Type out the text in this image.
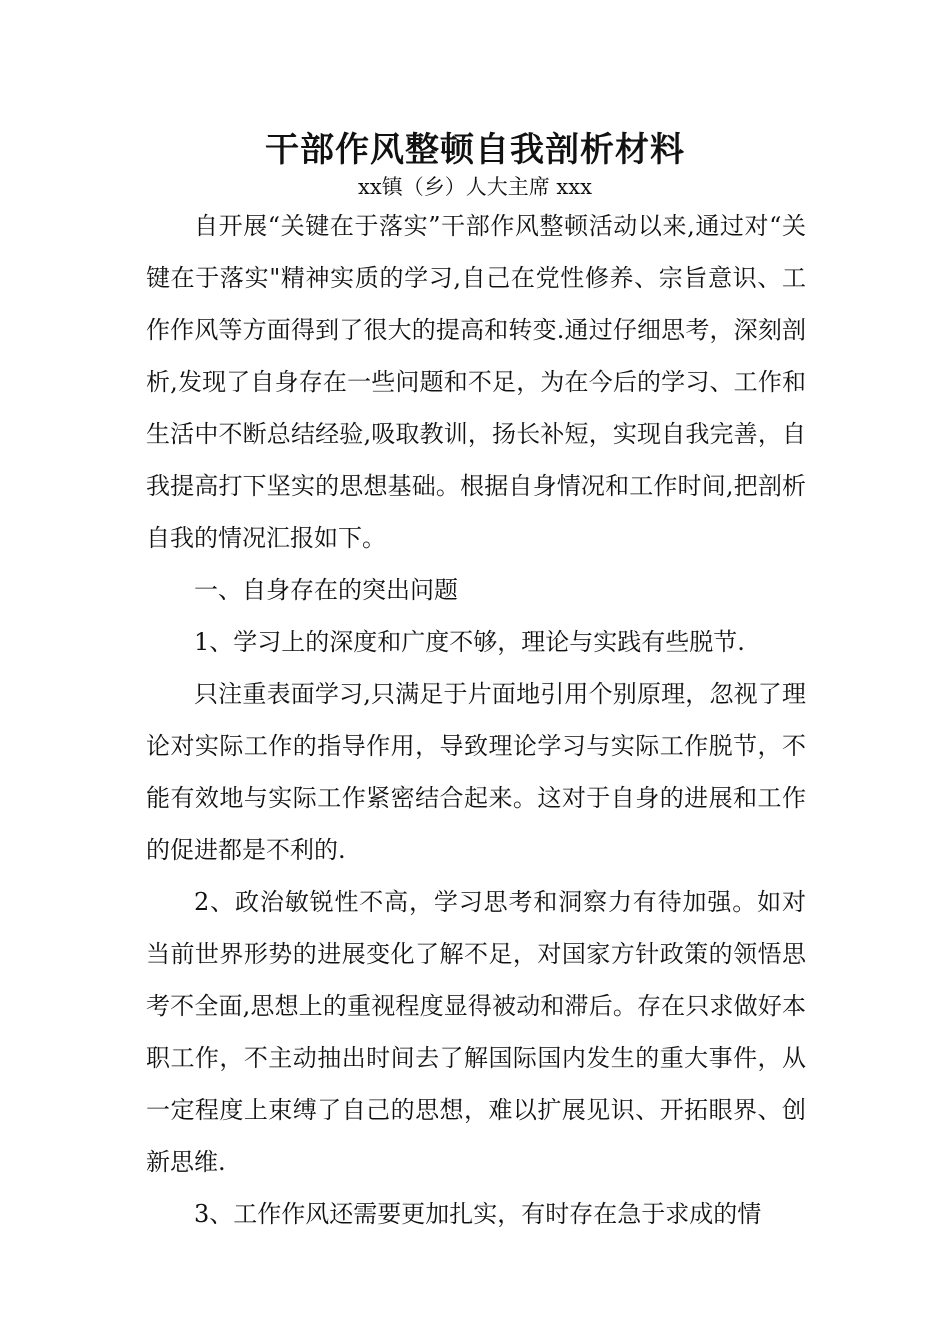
干部作风整顿自我剖析材料
xx镇（乡）人大主席 xxx

自开展“关键在于落实”干部作风整顿活动以来,通过对“关键在于落实"精神实质的学习,自己在党性修养、宗旨意识、工作作风等方面得到了很大的提高和转变.通过仔细思考，深刻剖析,发现了自身存在一些问题和不足，为在今后的学习、工作和生活中不断总结经验,吸取教训，扬长补短，实现自我完善，自我提高打下坚实的思想基础。根据自身情况和工作时间,把剖析自我的情况汇报如下。

一、自身存在的突出问题

1、学习上的深度和广度不够，理论与实践有些脱节.

只注重表面学习,只满足于片面地引用个别原理，忽视了理论对实际工作的指导作用，导致理论学习与实际工作脱节，不能有效地与实际工作紧密结合起来。这对于自身的进展和工作的促进都是不利的.

2、政治敏锐性不高，学习思考和洞察力有待加强。如对当前世界形势的进展变化了解不足，对国家方针政策的领悟思考不全面,思想上的重视程度显得被动和滞后。存在只求做好本职工作，不主动抽出时间去了解国际国内发生的重大事件，从一定程度上束缚了自己的思想，难以扩展见识、开拓眼界、创新思维.

3、工作作风还需要更加扎实，有时存在急于求成的情
